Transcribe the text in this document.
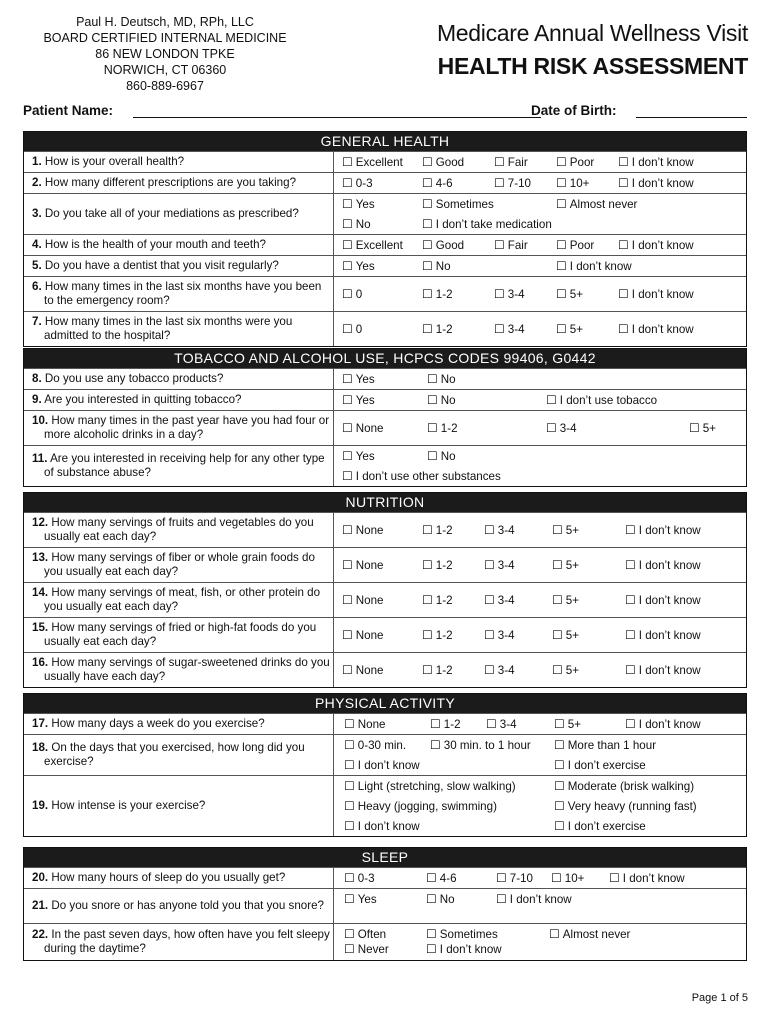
Paul H. Deutsch, MD, RPh, LLC
BOARD CERTIFIED INTERNAL MEDICINE
86 NEW LONDON TPKE
NORWICH, CT 06360
860-889-6967
Medicare Annual Wellness Visit
HEALTH RISK ASSESSMENT
Patient Name:	Date of Birth:
GENERAL HEALTH
1. How is your overall health?	☐ Excellent	☐ Good	☐ Fair	☐ Poor	☐ I don’t know
2. How many different prescriptions are you taking?	☐ 0-3	☐ 4-6	☐ 7-10	☐ 10+	☐ I don’t know
3. Do you take all of your mediations as prescribed?
☐ Yes	☐ Sometimes	☐ Almost never
☐ No	☐ I don’t take medication
4. How is the health of your mouth and teeth?	☐ Excellent	☐ Good	☐ Fair	☐ Poor	☐ I don’t know
5. Do you have a dentist that you visit regularly?	☐ Yes	☐ No	☐ I don’t know
6. How many times in the last six months have you been to the emergency room?	☐ 0	☐ 1-2	☐ 3-4	☐ 5+	☐ I don’t know
7. How many times in the last six months were you admitted to the hospital?	☐ 0	☐ 1-2	☐ 3-4	☐ 5+	☐ I don’t know
TOBACCO AND ALCOHOL USE, HCPCS CODES 99406, G0442
8. Do you use any tobacco products?	☐ Yes	☐ No
9. Are you interested in quitting tobacco?	☐ Yes	☐ No	☐ I don’t use tobacco
10. How many times in the past year have you had four or more alcoholic drinks in a day?	☐ None	☐ 1-2	☐ 3-4	☐ 5+
11. Are you interested in receiving help for any other type of substance abuse?
☐ Yes	☐ No
☐ I don’t use other substances
NUTRITION
12. How many servings of fruits and vegetables do you usually eat each day?	☐ None	☐ 1-2	☐ 3-4	☐ 5+	☐ I don’t know
13. How many servings of fiber or whole grain foods do you usually eat each day?	☐ None	☐ 1-2	☐ 3-4	☐ 5+	☐ I don’t know
14. How many servings of meat, fish, or other protein do you usually eat each day?	☐ None	☐ 1-2	☐ 3-4	☐ 5+	☐ I don’t know
15. How many servings of fried or high-fat foods do you usually eat each day?	☐ None	☐ 1-2	☐ 3-4	☐ 5+	☐ I don’t know
16. How many servings of sugar-sweetened drinks do you usually have each day?	☐ None	☐ 1-2	☐ 3-4	☐ 5+	☐ I don’t know
PHYSICAL ACTIVITY
17. How many days a week do you exercise?	☐ None	☐ 1-2	☐ 3-4	☐ 5+	☐ I don’t know
18. On the days that you exercised, how long did you exercise?
☐ 0-30 min.	☐ 30 min. to 1 hour	☐ More than 1 hour
☐ I don’t know	☐ I don’t exercise
19. How intense is your exercise?
☐ Light (stretching, slow walking)	☐ Moderate (brisk walking)
☐ Heavy (jogging, swimming)	☐ Very heavy (running fast)
☐ I don’t know	☐ I don’t exercise
SLEEP
20. How many hours of sleep do you usually get?	☐ 0-3	☐ 4-6	☐ 7-10	☐ 10+	☐ I don’t know
21. Do you snore or has anyone told you that you snore?	☐ Yes	☐ No	☐ I don’t know
22. In the past seven days, how often have you felt sleepy during the daytime?
☐ Often	☐ Sometimes	☐ Almost never
☐ Never	☐ I don’t know
Page 1 of 5
